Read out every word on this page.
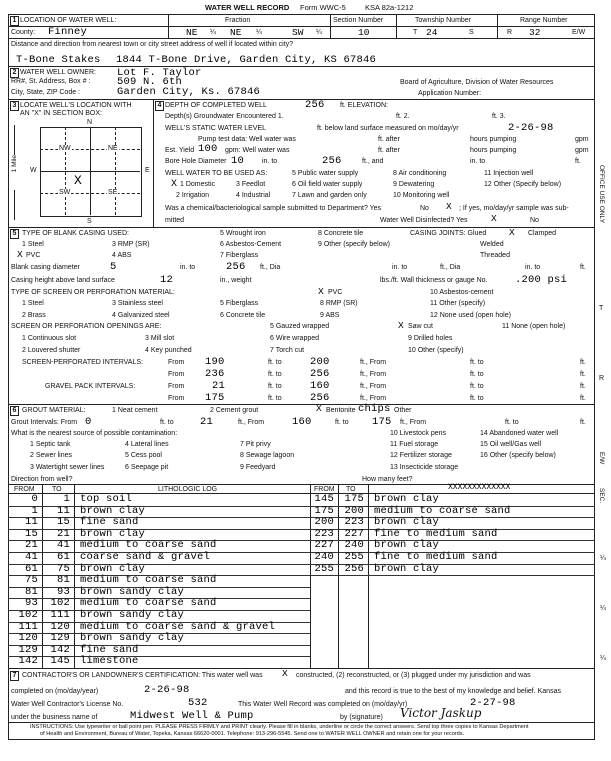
WATER WELL RECORD Form WWC-5	KSA 82a-1212
1 LOCATION OF WATER WELL:	Fraction	Section Number	Township Number	Range Number
County: Finney	NE ¼ NE ¼	SW ¼	10	T 24	S	R 32	E/W
Distance and direction from nearest town or city street address of well if located within city?
T-Bone Stakes 1844 T-Bone Drive, Garden City, KS 67846
2 WATER WELL OWNER: Lot F. Taylor
RR#, St. Address, Box # :	509 N. 6th	Board of Agriculture, Division of Water Resources
City, State, ZIP Code :	Garden City, Ks. 67846	Application Number:
3 LOCATE WELL'S LOCATION WITH
AN "X" IN SECTION BOX:
N
S
W	E
NW	NE
SW	SE
X
1 Mile
4 DEPTH OF COMPLETED WELL	256 ft. ELEVATION:
Depth(s) Groundwater Encountered 1.	ft. 2.	ft. 3.
WELL'S STATIC WATER LEVEL	ft. below land surface measured on mo/day/yr	2-26-98
Pump test data: Well water was	ft. after	hours pumping	gpm
Est. Yield 100 gpm: Well water was	ft. after	hours pumping	gpm
Bore Hole Diameter 10	in. to	256	ft., and	in. to	ft.
WELL WATER TO BE USED AS:	5 Public water supply	8 Air conditioning	11 Injection well
X 1 Domestic	3 Feedlot	6 Oil field water supply	9 Dewatering	12 Other (Specify below)
2 Irrigation	4 Industrial	7 Lawn and garden only	10 Monitoring well
Was a chemical/bacteriological sample submitted to Department? Yes	No X ; If yes, mo/day/yr sample was sub-
mitted	Water Well Disinfected? Yes X	No
5 TYPE OF BLANK CASING USED:	5 Wrought iron	8 Concrete tile	CASING JOINTS: Glued X Clamped
1 Steel	3 RMP (SR)	6 Asbestos-Cement	9 Other (specify below)	Welded
X PVC	4 ABS	7 Fiberglass	Threaded
Blank casing diameter	5	in. to	256 ft., Dia	in. to	ft., Dia	in. to	ft.
Casing height above land surface	12	in., weight	lbs./ft. Wall thickness or gauge No.	.200 psi
TYPE OF SCREEN OR PERFORATION MATERIAL:	X PVC	10 Asbestos-cement
1 Steel	3 Stainless steel	5 Fiberglass	8 RMP (SR)	11 Other (specify)
2 Brass	4 Galvanized steel	6 Concrete tile	9 ABS	12 None used (open hole)
SCREEN OR PERFORATION OPENINGS ARE:	5 Gauzed wrapped	X Saw cut	11 None (open hole)
1 Continuous slot	3 Mill slot	6 Wire wrapped	9 Drilled holes
2 Louvered shutter	4 Key punched	7 Torch cut	10 Other (specify)
SCREEN-PERFORATED INTERVALS:	From 190	ft. to	200	ft., From	ft. to	ft.
From 236	ft. to	256	ft., From	ft. to	ft.
GRAVEL PACK INTERVALS:	From	21	ft. to	160	ft., From	ft. to	ft.
From 175	ft. to	256	ft., From	ft. to	ft.
6 GROUT MATERIAL:	1 Neat cement	2 Cement grout	X Bentonite chips Other
Grout Intervals: From 0	ft. to	21	ft., From	160	ft. to 175 ft., From	ft. to	ft.
What is the nearest source of possible contamination:	10 Livestock pens	14 Abandoned water well
1 Septic tank	4 Lateral lines	7 Pit privy	11 Fuel storage	15 Oil well/Gas well
2 Sewer lines	5 Cess pool	8 Sewage lagoon	12 Fertilizer storage	16 Other (specify below)
3 Watertight sewer lines	6 Seepage pit	9 Feedyard	13 Insecticide storage
Direction from well?	How many feet?
FROM TO	LITHOLOGIC LOG	FROM TO	XXXXXXXXXXXXX
0	1 top soil
1	11 brown clay
11	15 fine sand
15	21 brown clay
21	41 medium to coarse sand
41	61 coarse sand & gravel
61	75 brown clay
75	81 medium to coarse sand
81	93 brown sandy clay
93	102 medium to coarse sand
102	111 brown sandy clay
111	120 medium to coarse sand & gravel
120	129 brown sandy clay
129	142 fine sand
142	145 limestone
145 175 brown clay
175 200 medium to coarse sand
200 223 brown clay
223 227 fine to medium sand
227 240 brown clay
240 255 fine to medium sand
255 256 brown clay
7 CONTRACTOR'S OR LANDOWNER'S CERTIFICATION: This water well was X constructed, (2) reconstructed, or (3) plugged under my jurisdiction and was
completed on (mo/day/year)	2-26-98	and this record is true to the best of my knowledge and belief. Kansas
Water Well Contractor's License No.	532	This Water Well Record was completed on (mo/day/yr)	2-27-98
under the business name of	Midwest Well & Pump	by (signature) Victor Jaskup
INSTRUCTIONS: Use typewriter or ball point pen. PLEASE PRESS FIRMLY and PRINT clearly. Please fill in blanks, underline or circle the correct answers. Send top three copies to Kansas Department
of Health and Environment, Bureau of Water, Topeka, Kansas 66620-0001. Telephone: 913-296-5545. Send one to WATER WELL OWNER and retain one for your records.
OFFICE USE ONLY
T
R
E/W
SEC.
¼
¼
¼
